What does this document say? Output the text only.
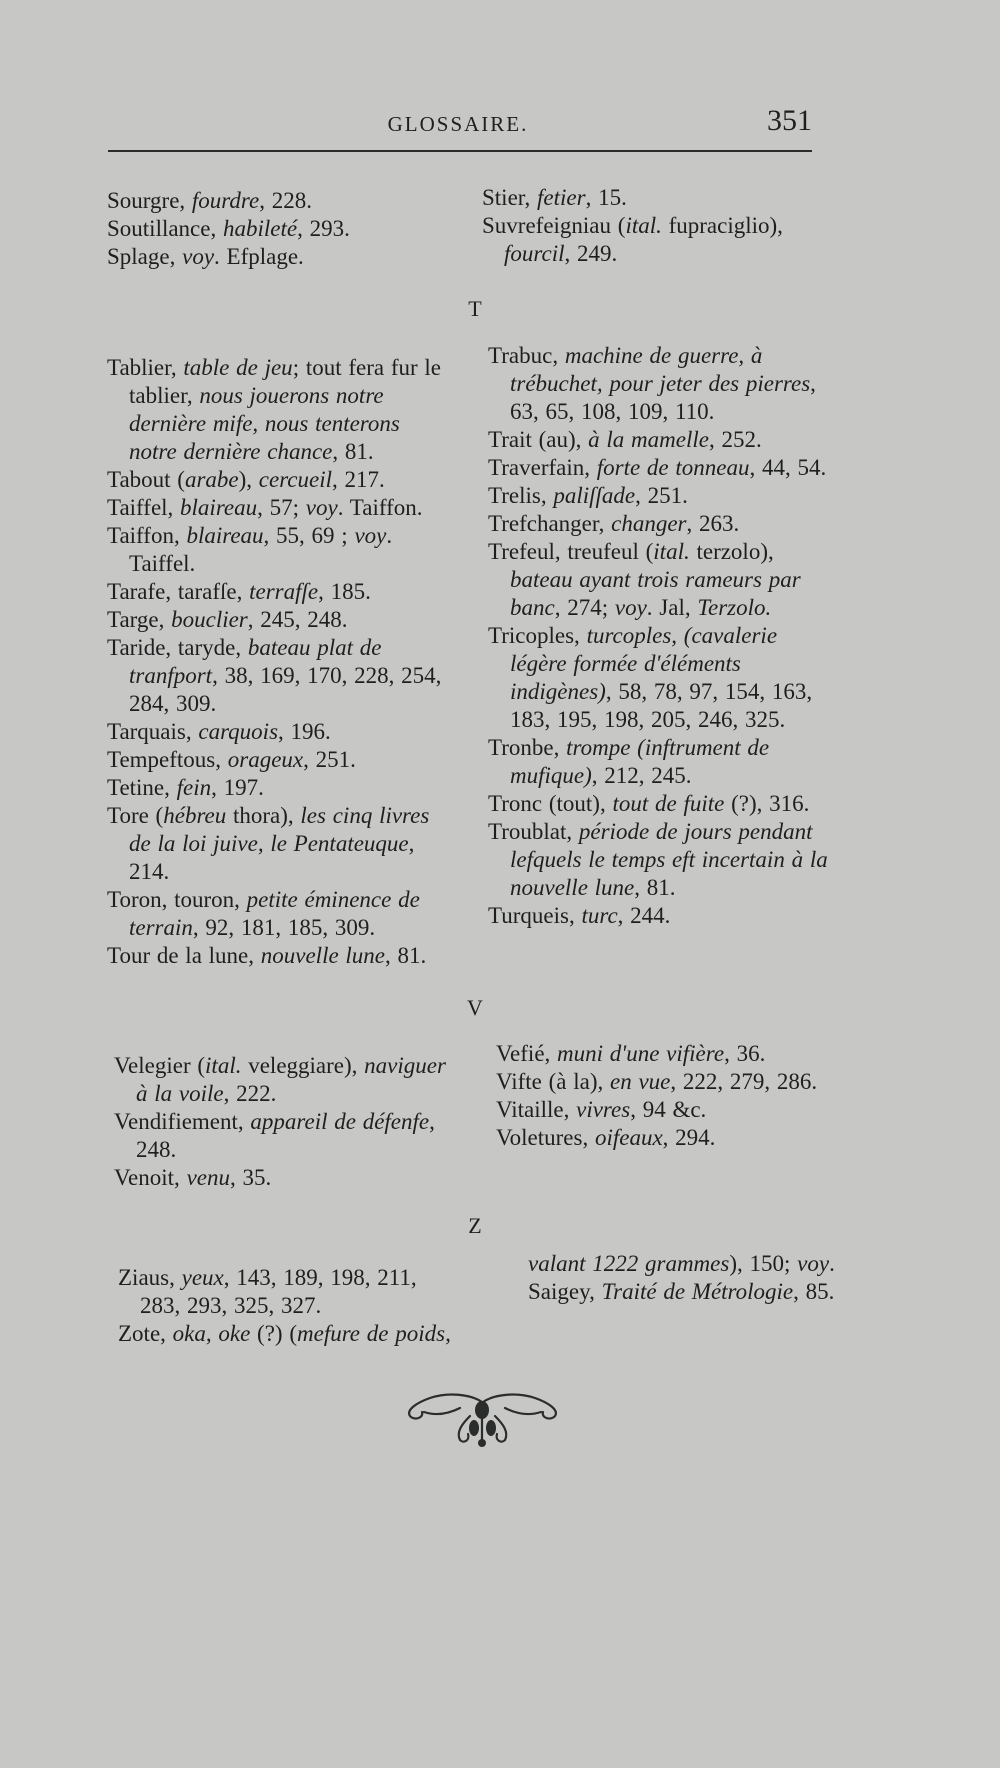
GLOSSAIRE.	351

Sourgre, fourdre, 228.

Soutillance, habileté, 293.

Splage, voy. Efplage.

Stier, fetier, 15.

Suvrefeigniau (ital. fupraciglio), fourcil, 249.

T

Tablier, table de jeu; tout fera fur le tablier, nous jouerons notre dernière mife, nous tenterons notre dernière chance, 81.

Tabout (arabe), cercueil, 217.

Taiffel, blaireau, 57; voy. Taiffon.

Taiffon, blaireau, 55, 69 ; voy. Taiffel.

Tarafe, tarafſe, terrafſe, 185.

Targe, bouclier, 245, 248.

Taride, taryde, bateau plat de tranfport, 38, 169, 170, 228, 254, 284, 309.

Tarquais, carquois, 196.

Tempeftous, orageux, 251.

Tetine, fein, 197.

Tore (hébreu thora), les cinq livres de la loi juive, le Pentateuque, 214.

Toron, touron, petite éminence de terrain, 92, 181, 185, 309.

Tour de la lune, nouvelle lune, 81.

Trabuc, machine de guerre, à trébuchet, pour jeter des pierres, 63, 65, 108, 109, 110.

Trait (au), à la mamelle, 252.

Traverfain, forte de tonneau, 44, 54.

Trelis, paliſſade, 251.

Trefchanger, changer, 263.

Trefeul, treufeul (ital. terzolo), bateau ayant trois rameurs par banc, 274; voy. Jal, Terzolo.

Tricoples, turcoples, (cavalerie légère formée d'éléments indigènes), 58, 78, 97, 154, 163, 183, 195, 198, 205, 246, 325.

Tronbe, trompe (inftrument de mufique), 212, 245.

Tronc (tout), tout de fuite (?), 316.

Troublat, période de jours pendant lefquels le temps eft incertain à la nouvelle lune, 81.

Turqueis, turc, 244.

V

Velegier (ital. veleggiare), naviguer à la voile, 222.

Vendifiement, appareil de défenfe, 248.

Venoit, venu, 35.

Vefié, muni d'une vifière, 36.

Vifte (à la), en vue, 222, 279, 286.

Vitaille, vivres, 94 &c.

Voletures, oifeaux, 294.

Z

Ziaus, yeux, 143, 189, 198, 211, 283, 293, 325, 327.

Zote, oka, oke (?) (mefure de poids,

valant 1222 grammes), 150; voy. Saigey, Traité de Métrologie, 85.
